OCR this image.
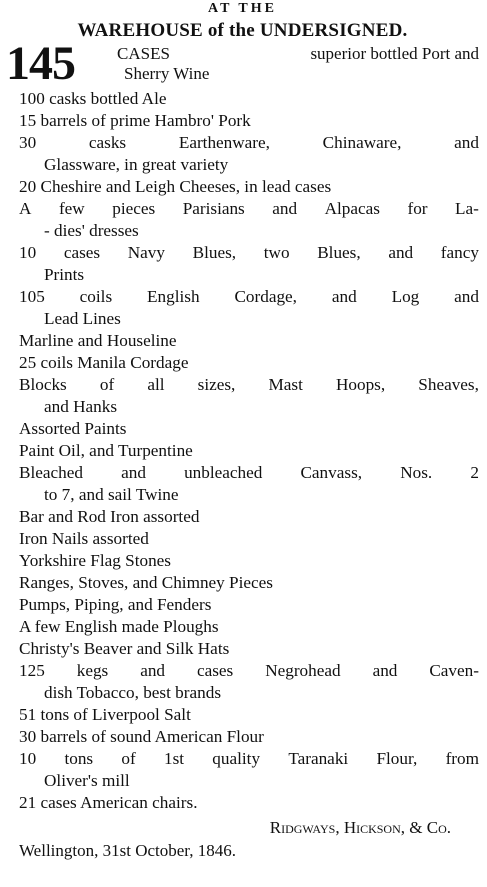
AT THE
WAREHOUSE of the UNDERSIGNED.
145 CASES	superior bottled Port and
Sherry Wine
100 casks bottled Ale
15 barrels of prime Hambro' Pork
30	casks	Earthenware,	Chinaware,	and
Glassware, in great variety
20 Cheshire and Leigh Cheeses, in lead cases
A few pieces Parisians and Alpacas for La-
- dies' dresses
10 cases Navy Blues, two Blues, and fancy
Prints
105 coils English Cordage, and Log and
Lead Lines
Marline and Houseline
25 coils Manila Cordage
Blocks of all sizes, Mast Hoops, Sheaves,
and Hanks
Assorted Paints
Paint Oil, and Turpentine
Bleached and unbleached Canvass, Nos. 2
to 7, and sail Twine
Bar and Rod Iron assorted
Iron Nails assorted
Yorkshire Flag Stones
Ranges, Stoves, and Chimney Pieces
Pumps, Piping, and Fenders
A few English made Ploughs
Christy's Beaver and Silk Hats
125 kegs and cases Negrohead and Caven-
dish Tobacco, best brands
51 tons of Liverpool Salt
30 barrels of sound American Flour
10 tons of 1st quality Taranaki Flour, from
Oliver's mill
21 cases American chairs.
Ridgways, Hickson, & Co.
Wellington, 31st October, 1846.
